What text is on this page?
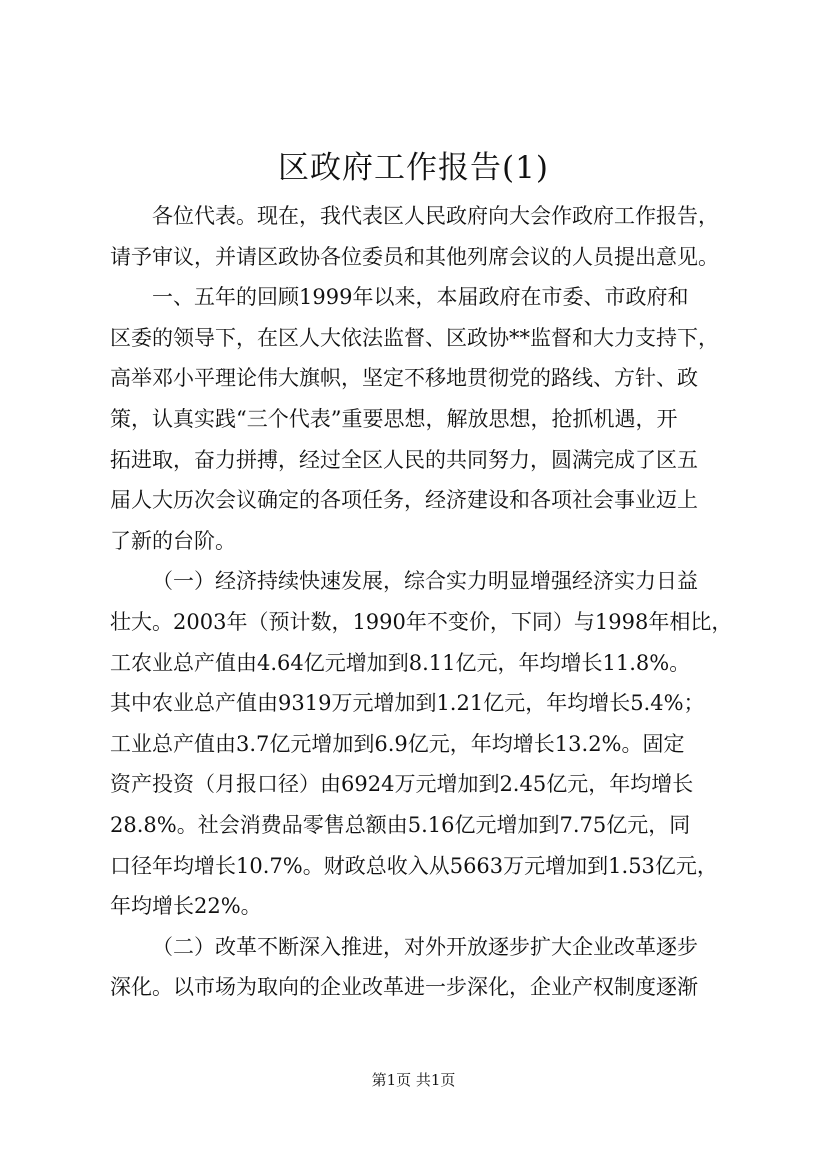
区政府工作报告(1)
各位代表。现在，我代表区人民政府向大会作政府工作报告，
请予审议，并请区政协各位委员和其他列席会议的人员提出意见。
一、五年的回顾1999年以来，本届政府在市委、市政府和
区委的领导下，在区人大依法监督、区政协**监督和大力支持下，
高举邓小平理论伟大旗帜，坚定不移地贯彻党的路线、方针、政
策，认真实践“三个代表”重要思想，解放思想，抢抓机遇，开
拓进取，奋力拼搏，经过全区人民的共同努力，圆满完成了区五
届人大历次会议确定的各项任务，经济建设和各项社会事业迈上
了新的台阶。
（一）经济持续快速发展，综合实力明显增强经济实力日益
壮大。2003年（预计数，1990年不变价，下同）与1998年相比，
工农业总产值由4.64亿元增加到8.11亿元，年均增长11.8%。
其中农业总产值由9319万元增加到1.21亿元，年均增长5.4%；
工业总产值由3.7亿元增加到6.9亿元，年均增长13.2%。固定
资产投资（月报口径）由6924万元增加到2.45亿元，年均增长
28.8%。社会消费品零售总额由5.16亿元增加到7.75亿元，同
口径年均增长10.7%。财政总收入从5663万元增加到1.53亿元，
年均增长22%。
（二）改革不断深入推进，对外开放逐步扩大企业改革逐步
深化。以市场为取向的企业改革进一步深化，企业产权制度逐渐
第1页 共1页
